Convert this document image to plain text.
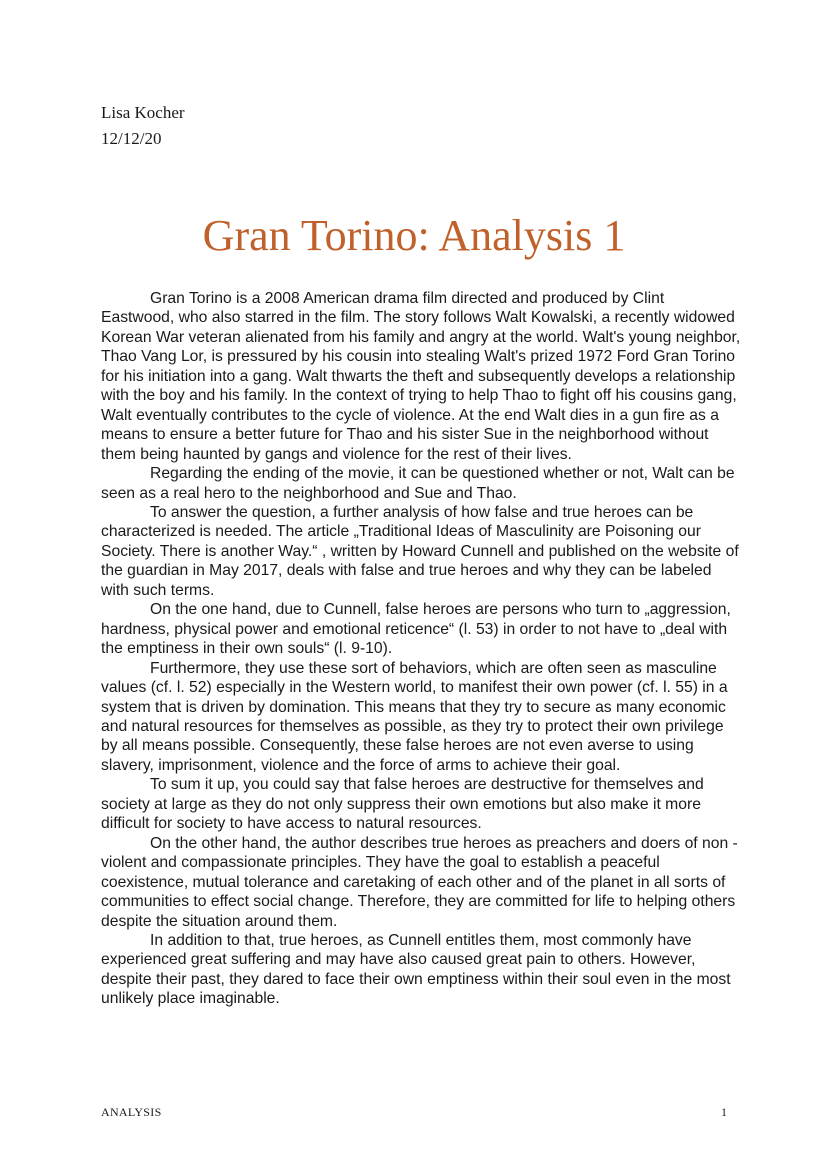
Lisa Kocher
12/12/20
Gran Torino: Analysis 1

Gran Torino is a 2008 American drama film directed and produced by Clint Eastwood, who also starred in the film. The story follows Walt Kowalski, a recently widowed Korean War veteran alienated from his family and angry at the world. Walt's young neighbor, Thao Vang Lor, is pressured by his cousin into stealing Walt's prized 1972 Ford Gran Torino for his initiation into a gang. Walt thwarts the theft and subsequently develops a relationship with the boy and his family. In the context of trying to help Thao to fight off his cousins gang, Walt eventually contributes to the cycle of violence. At the end Walt dies in a gun fire as a means to ensure a better future for Thao and his sister Sue in the neighborhood without them being haunted by gangs and violence for the rest of their lives.

Regarding the ending of the movie, it can be questioned whether or not, Walt can be seen as a real hero to the neighborhood and Sue and Thao.

To answer the question, a further analysis of how false and true heroes can be characterized is needed. The article „Traditional Ideas of Masculinity are Poisoning our Society. There is another Way.“ , written by Howard Cunnell and published on the website of the guardian in May 2017, deals with false and true heroes and why they can be labeled with such terms.

On the one hand, due to Cunnell, false heroes are persons who turn to „aggression, hardness, physical power and emotional reticence“ (l. 53) in order to not have to „deal with the emptiness in their own souls“ (l. 9-10).

Furthermore, they use these sort of behaviors, which are often seen as masculine values (cf. l. 52) especially in the Western world, to manifest their own power (cf. l. 55) in a system that is driven by domination. This means that they try to secure as many economic and natural resources for themselves as possible, as they try to protect their own privilege by all means possible. Consequently, these false heroes are not even averse to using slavery, imprisonment, violence and the force of arms to achieve their goal.

To sum it up, you could say that false heroes are destructive for themselves and society at large as they do not only suppress their own emotions but also make it more difficult for society to have access to natural resources.

On the other hand, the author describes true heroes as preachers and doers of non - violent and compassionate principles. They have the goal to establish a peaceful coexistence, mutual tolerance and caretaking of each other and of the planet in all sorts of communities to effect social change. Therefore, they are committed for life to helping others despite the situation around them.

In addition to that, true heroes, as Cunnell entitles them, most commonly have experienced great suffering and may have also caused great pain to others. However, despite their past, they dared to face their own emptiness within their soul even in the most unlikely place imaginable.

ANALYSIS	1
